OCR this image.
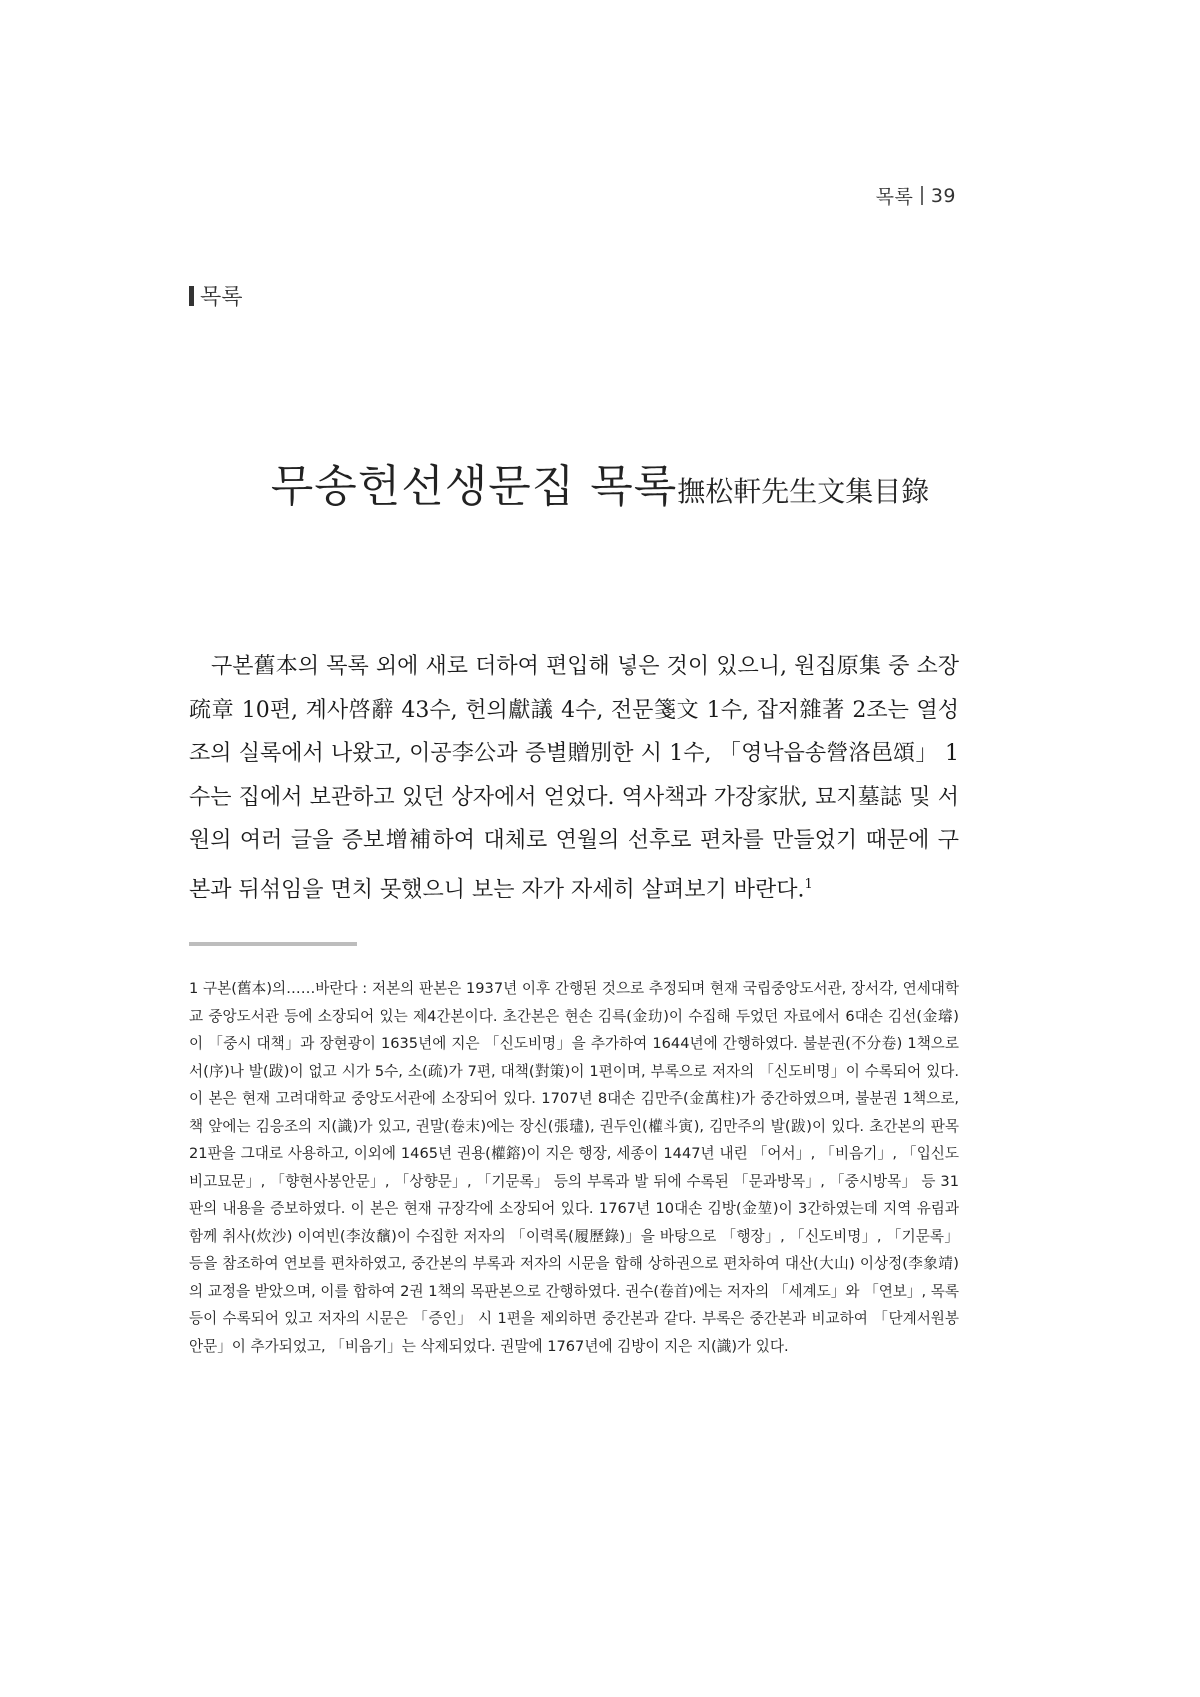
목록 39
목록
무송헌선생문집 목록撫松軒先生文集目錄

구본舊本의 목록 외에 새로 더하여 편입해 넣은 것이 있으니, 원집原集 중 소장疏章 10편, 계사啓辭 43수, 헌의獻議 4수, 전문箋文 1수, 잡저雜著 2조는 열성조의 실록에서 나왔고, 이공李公과 증별贈別한 시 1수, 「영낙읍송營洛邑頌」 1수는 집에서 보관하고 있던 상자에서 얻었다. 역사책과 가장家狀, 묘지墓誌 및 서원의 여러 글을 증보增補하여 대체로 연월의 선후로 편차를 만들었기 때문에 구본과 뒤섞임을 면치 못했으니 보는 자가 자세히 살펴보기 바란다.$^1$

1 구본(舊本)의……바란다 : 저본의 판본은 1937년 이후 간행된 것으로 추정되며 현재 국립중앙도서관, 장서각, 연세대학교 중앙도서관 등에 소장되어 있는 제4간본이다. 초간본은 현손 김륵(金玏)이 수집해 두었던 자료에서 6대손 김선(金璿)이 「중시 대책」과 장현광이 1635년에 지은 「신도비명」을 추가하여 1644년에 간행하였다. 불분권(不分卷) 1책으로 서(序)나 발(跋)이 없고 시가 5수, 소(疏)가 7편, 대책(對策)이 1편이며, 부록으로 저자의 「신도비명」이 수록되어 있다. 이 본은 현재 고려대학교 중앙도서관에 소장되어 있다. 1707년 8대손 김만주(金萬柱)가 중간하였으며, 불분권 1책으로, 책 앞에는 김응조의 지(識)가 있고, 권말(卷末)에는 장신(張璶), 권두인(權斗寅), 김만주의 발(跋)이 있다. 초간본의 판목 21판을 그대로 사용하고, 이외에 1465년 권용(權鎔)이 지은 행장, 세종이 1447년 내린 「어서」, 「비음기」, 「입신도비고묘문」, 「향현사봉안문」, 「상향문」, 「기문록」 등의 부록과 발 뒤에 수록된 「문과방목」, 「중시방목」 등 31판의 내용을 증보하였다. 이 본은 현재 규장각에 소장되어 있다. 1767년 10대손 김방(金堃)이 3간하였는데 지역 유림과 함께 취사(炊沙) 이여빈(李汝馪)이 수집한 저자의 「이력록(履歷錄)」을 바탕으로 「행장」, 「신도비명」, 「기문록」 등을 참조하여 연보를 편차하였고, 중간본의 부록과 저자의 시문을 합해 상하권으로 편차하여 대산(大山) 이상정(李象靖)의 교정을 받았으며, 이를 합하여 2권 1책의 목판본으로 간행하였다. 권수(卷首)에는 저자의 「세계도」와 「연보」, 목록 등이 수록되어 있고 저자의 시문은 「증인」 시 1편을 제외하면 중간본과 같다. 부록은 중간본과 비교하여 「단계서원봉안문」이 추가되었고, 「비음기」는 삭제되었다. 권말에 1767년에 김방이 지은 지(識)가 있다.
